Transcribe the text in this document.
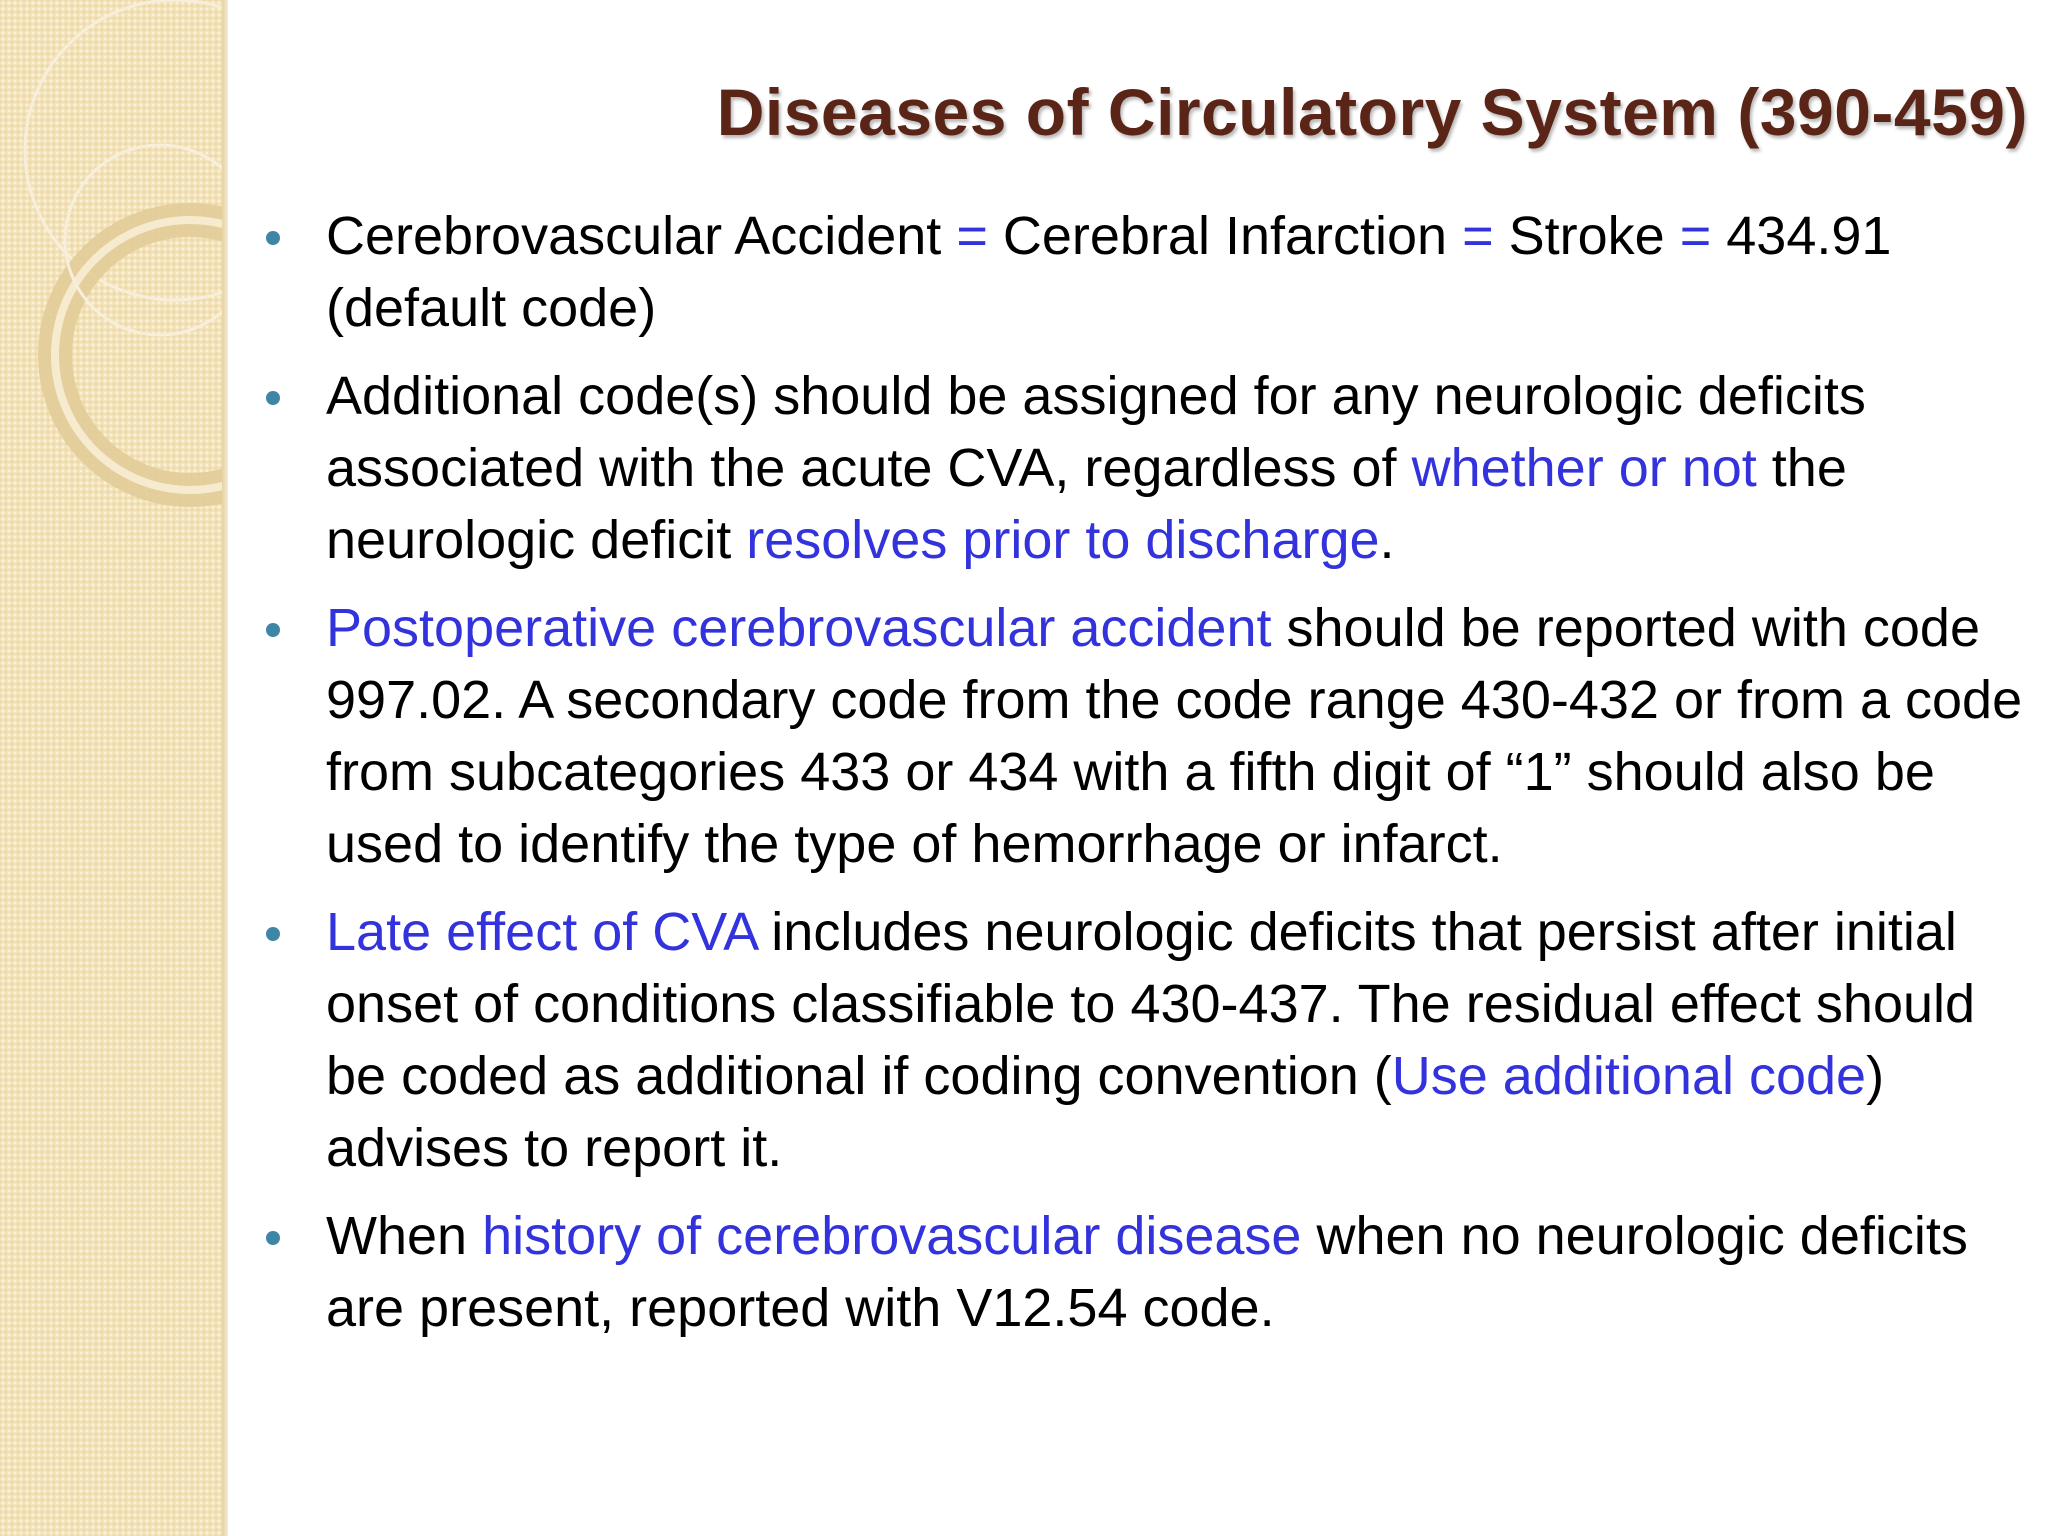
Diseases of Circulatory System (390-459)
Cerebrovascular Accident = Cerebral Infarction = Stroke = 434.91 (default code)
Additional code(s) should be assigned for any neurologic deficits associated with the acute CVA, regardless of whether or not the neurologic deficit resolves prior to discharge.
Postoperative cerebrovascular accident should be reported with code 997.02. A secondary code from the code range 430-432 or from a code from subcategories 433 or 434 with a fifth digit of “1” should also be used to identify the type of hemorrhage or infarct.
Late effect of CVA includes neurologic deficits that persist after initial onset of conditions classifiable to 430-437. The residual effect should be coded as additional if coding convention (Use additional code) advises to report it.
When history of cerebrovascular disease when no neurologic deficits are present, reported with V12.54 code.
